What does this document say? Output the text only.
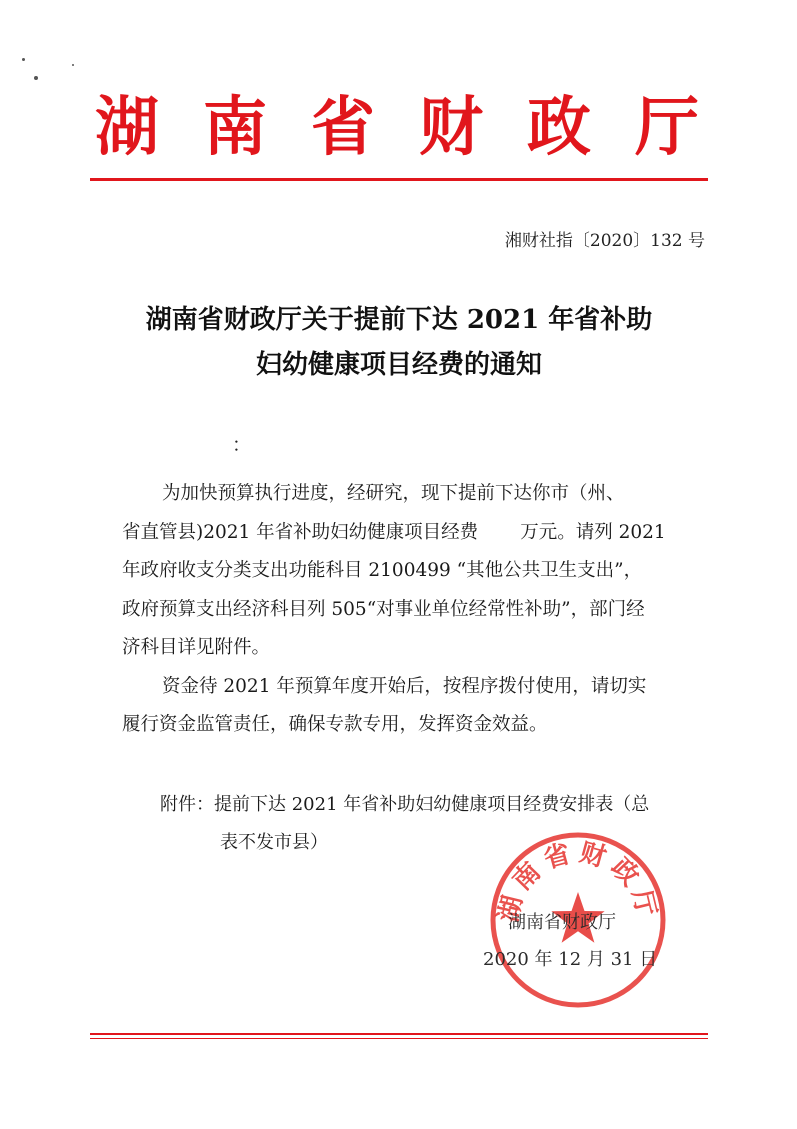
湖南省财政厅
湘财社指〔2020〕132 号
湖南省财政厅关于提前下达 2021 年省补助
妇幼健康项目经费的通知
：
为加快预算执行进度，经研究，现下提前下达你市（州、
省直管县)2021 年省补助妇幼健康项目经费 万元。请列 2021
年政府收支分类支出功能科目 2100499 “其他公共卫生支出”，
政府预算支出经济科目列 505“对事业单位经常性补助”，部门经
济科目详见附件。
资金待 2021 年预算年度开始后，按程序拨付使用，请切实
履行资金监管责任，确保专款专用，发挥资金效益。
附件：提前下达 2021 年省补助妇幼健康项目经费安排表（总
表不发市县）
湖南省财政厅
湖南省财政厅
2020 年 12 月 31 日
